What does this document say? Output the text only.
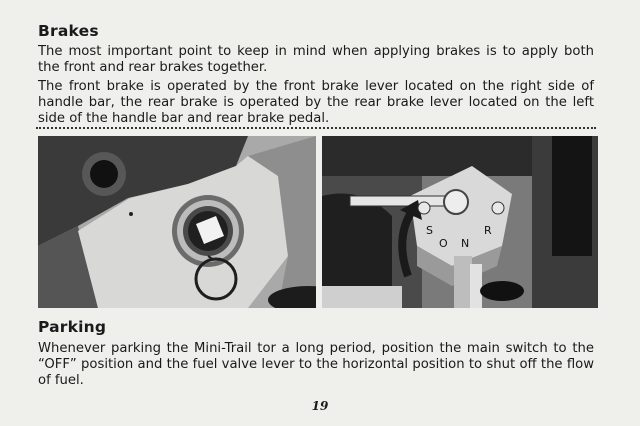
Brakes

The most important point to keep in mind when applying brakes is to apply both the front and rear brakes together.

The front brake is operated by the front brake lever located on the right side of handle bar, the rear brake is operated by the rear brake lever located on the left side of the handle bar and rear brake pedal.

S
O N
R
Parking

Whenever parking the Mini-Trail tor a long period, position the main switch to the “OFF” position and the fuel valve lever to the horizontal position to shut off the flow of fuel.

19
